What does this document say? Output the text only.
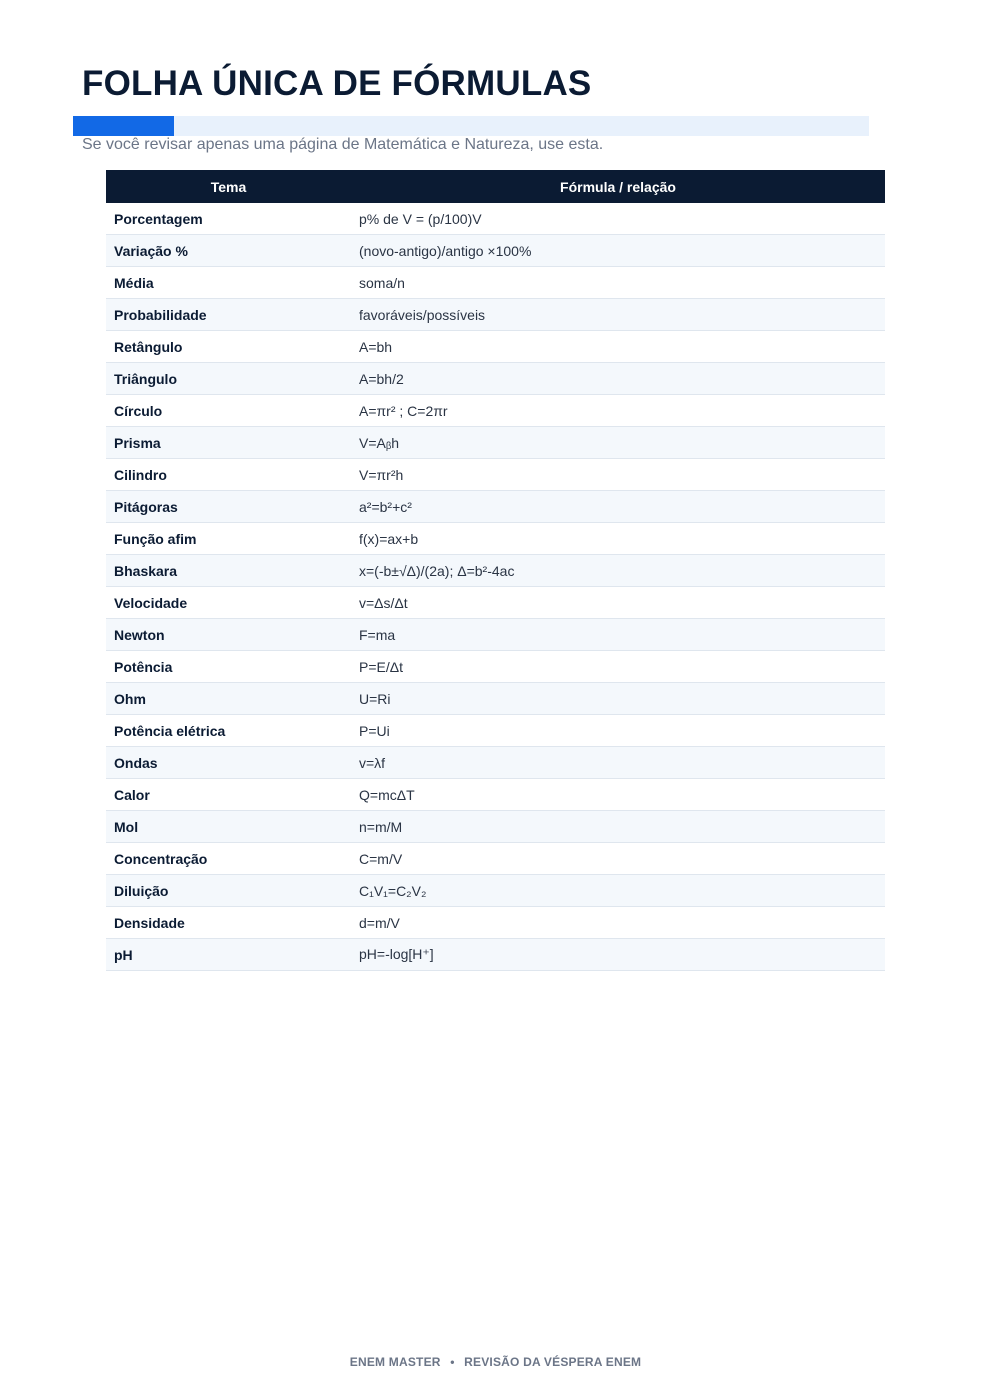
FOLHA ÚNICA DE FÓRMULAS

Se você revisar apenas uma página de Matemática e Natureza, use esta.

Tema	Fórmula / relação
Porcentagem	p% de V = (p/100)V
Variação %	(novo-antigo)/antigo ×100%
Média	soma/n
Probabilidade	favoráveis/possíveis
Retângulo	A=bh
Triângulo	A=bh/2
Círculo	A=πr² ; C=2πr
Prisma	V=Aᵦh
Cilindro	V=πr²h
Pitágoras	a²=b²+c²
Função afim	f(x)=ax+b
Bhaskara	x=(-b±√Δ)/(2a); Δ=b²-4ac
Velocidade	v=Δs/Δt
Newton	F=ma
Potência	P=E/Δt
Ohm	U=Ri
Potência elétrica	P=Ui
Ondas	v=λf
Calor	Q=mcΔT
Mol	n=m/M
Concentração	C=m/V
Diluição	C₁V₁=C₂V₂
Densidade	d=m/V
pH	pH=-log[H⁺]
ENEM MASTER • REVISÃO DA VÉSPERA ENEM
